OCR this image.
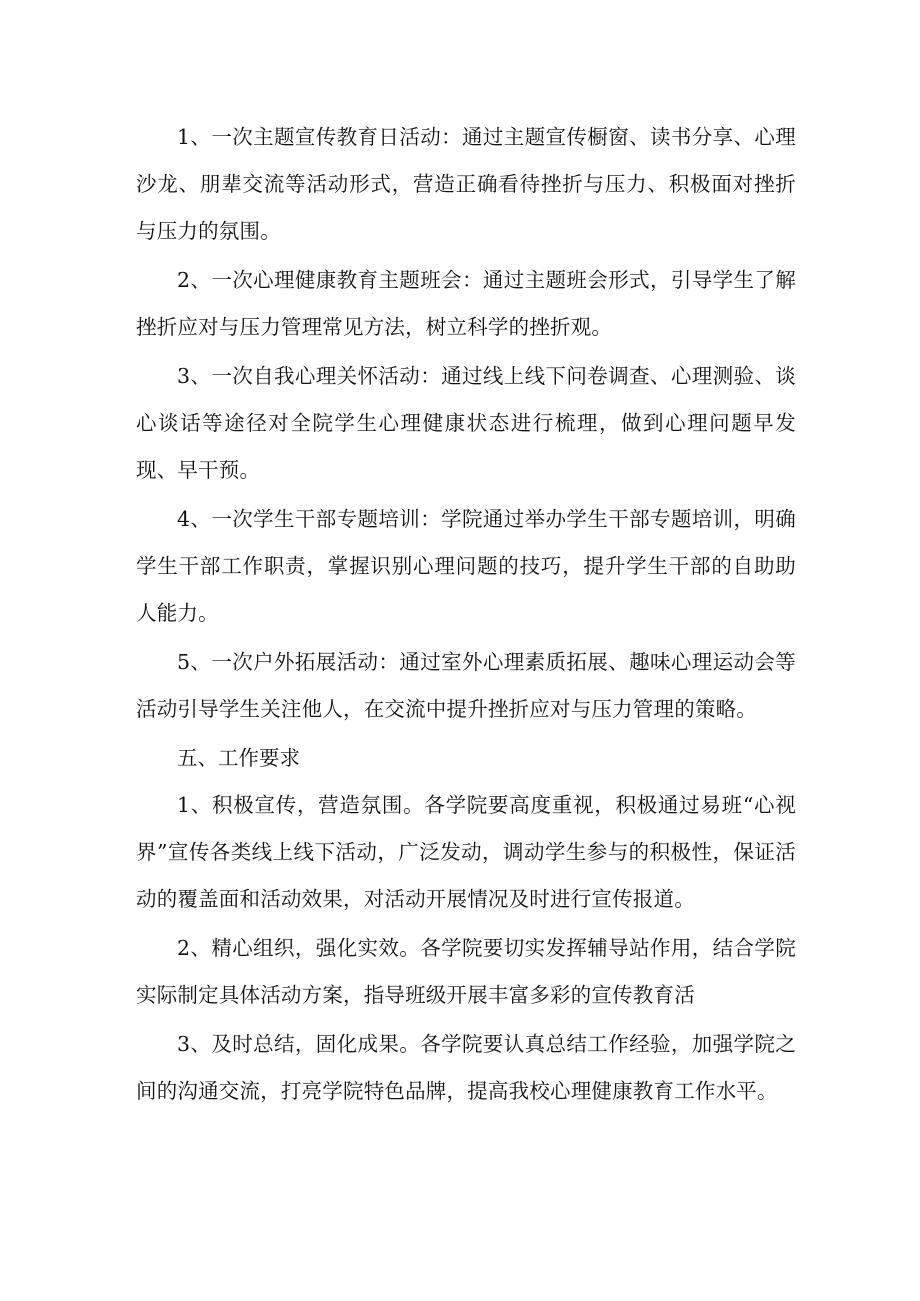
1、一次主题宣传教育日活动：通过主题宣传橱窗、读书分享、心理沙龙、朋辈交流等活动形式，营造正确看待挫折与压力、积极面对挫折与压力的氛围。

2、一次心理健康教育主题班会：通过主题班会形式，引导学生了解挫折应对与压力管理常见方法，树立科学的挫折观。

3、一次自我心理关怀活动：通过线上线下问卷调查、心理测验、谈心谈话等途径对全院学生心理健康状态进行梳理，做到心理问题早发现、早干预。

4、一次学生干部专题培训：学院通过举办学生干部专题培训，明确学生干部工作职责，掌握识别心理问题的技巧，提升学生干部的自助助人能力。

5、一次户外拓展活动：通过室外心理素质拓展、趣味心理运动会等活动引导学生关注他人，在交流中提升挫折应对与压力管理的策略。

五、工作要求

1、积极宣传，营造氛围。各学院要高度重视，积极通过易班“心视界”宣传各类线上线下活动，广泛发动，调动学生参与的积极性，保证活动的覆盖面和活动效果，对活动开展情况及时进行宣传报道。

2、精心组织，强化实效。各学院要切实发挥辅导站作用，结合学院实际制定具体活动方案，指导班级开展丰富多彩的宣传教育活

3、及时总结，固化成果。各学院要认真总结工作经验，加强学院之间的沟通交流，打亮学院特色品牌，提高我校心理健康教育工作水平。
